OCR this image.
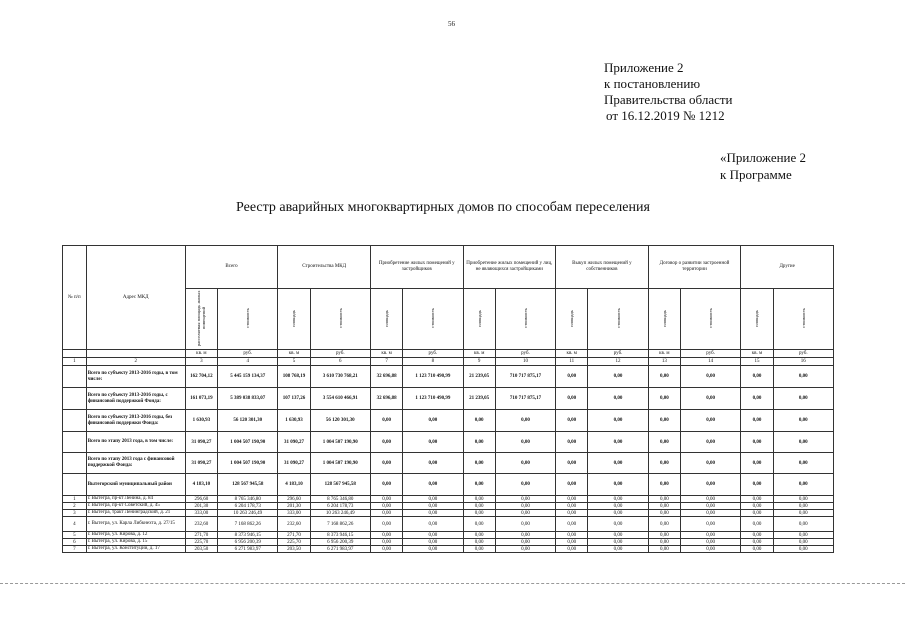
56
Приложение 2
к постановлению
Правительства области
от 16.12.2019 № 1212
«Приложение 2
к Программе
Реестр аварийных многоквартирных домов по способам переселения
№ п/п	Адрес МКД	Всего		Строительства МКД		Приобретение жилых помещений у застройщиков		Приобретение жилых помещений у лиц, не являющихся застройщиками		Выкуп жилых помещений у собственников		Договор о развитии застроенной территории		Другие	
		расселяемая площадь жилых помещений	стоимость	площадь	стоимость	площадь	стоимость	площадь	стоимость	площадь	стоимость	площадь	стоимость	площадь	стоимость
		кв. м	руб.	кв. м	руб.	кв. м	руб.	кв. м	руб.	кв. м	руб.	кв. м	руб.	кв. м	руб.
1	2	3	4	5	6	7	8	9	10	11	12	13	14	15	16
	Всего по субъекту 2013-2016 годы, в том числе:	162 704,12	5 445 159 134,37	108 768,19	3 610 730 768,21	32 696,88	1 123 710 490,99	21 239,05	710 717 875,17	0,00	0,00	0,00	0,00	0,00	0,00
	Всего по субъекту 2013-2016 годы, с финансовой поддержкой Фонда:	161 073,19	5 389 038 833,07	107 137,26	3 554 610 466,91	32 696,88	1 123 710 490,99	21 239,05	710 717 875,17	0,00	0,00	0,00	0,00	0,00	0,00
	Всего по субъекту 2013-2016 годы, без финансовой поддержки Фонда:	1 630,93	56 120 301,30	1 630,93	56 120 301,30	0,00	0,00	0,00	0,00	0,00	0,00	0,00	0,00	0,00	0,00
	Всего по этапу 2013 года, в том числе:	31 090,27	1 004 507 190,90	31 090,27	1 004 507 190,90	0,00	0,00	0,00	0,00	0,00	0,00	0,00	0,00	0,00	0,00
	Всего по этапу 2013 года с финансовой поддержкой Фонда:	31 090,27	1 004 507 190,90	31 090,27	1 004 507 190,90	0,00	0,00	0,00	0,00	0,00	0,00	0,00	0,00	0,00	0,00
	Вытегорский муниципальный район	4 183,10	128 567 945,58	4 183,10	128 567 945,58	0,00	0,00	0,00	0,00	0,00	0,00	0,00	0,00	0,00	0,00
1	г. Вытегра, пр-кт Ленина, д. 84	296,60	8 765 346,80	296,60	8 765 346,80	0,00	0,00	0,00	0,00	0,00	0,00	0,00	0,00	0,00	0,00
2	г. Вытегра, пр-кт Советский, д. 45	201,30	6 204 178,73	201,30	6 204 178,73	0,00	0,00	0,00	0,00	0,00	0,00	0,00	0,00	0,00	0,00
3	г. Вытегра, тракт Ленинградский, д. 21	333,00	10 263 246,49	333,00	10 263 246,49	0,00	0,00	0,00	0,00	0,00	0,00	0,00	0,00	0,00	0,00
4	г. Вытегра, ул. Карла Либкнехта, д. 27/15	232,60	7 168 862,26	232,60	7 168 862,26	0,00	0,00	0,00	0,00	0,00	0,00	0,00	0,00	0,00	0,00
5	г. Вытегра, ул. Кирова, д. 12	271,70	8 373 946,15	271,70	8 373 946,15	0,00	0,00	0,00	0,00	0,00	0,00	0,00	0,00	0,00	0,00
6	г. Вытегра, ул. Кирова, д. 15	225,70	6 956 200,39	225,70	6 956 200,39	0,00	0,00	0,00	0,00	0,00	0,00	0,00	0,00	0,00	0,00
7	г. Вытегра, ул. Конституции, д. 17	203,50	6 271 983,97	203,50	6 271 983,97	0,00	0,00	0,00	0,00	0,00	0,00	0,00	0,00	0,00	0,00
